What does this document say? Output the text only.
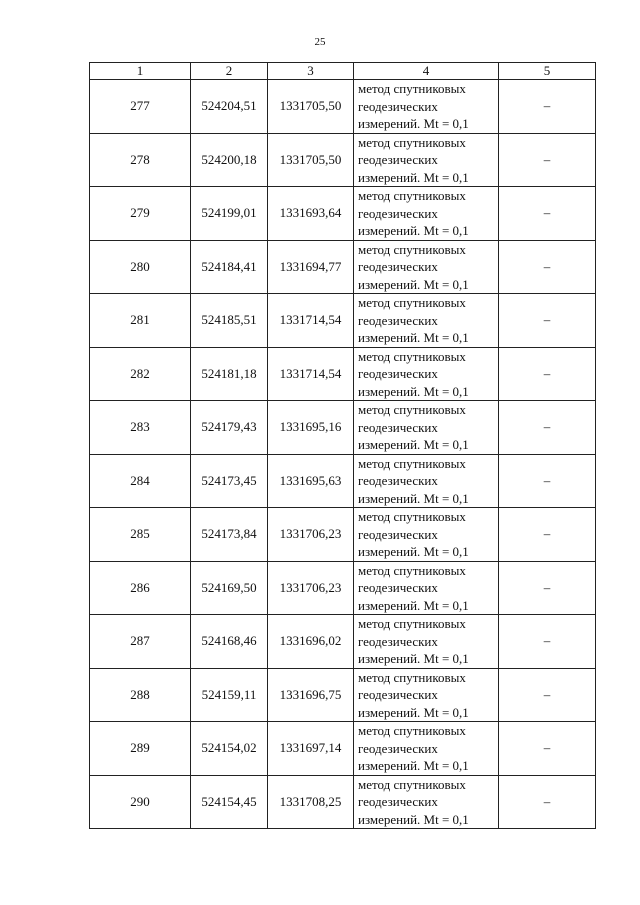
25
1	2	3	4	5
277	524204,51	1331705,50	метод спутниковых
геодезических
измерений. Mt = 0,1	–
278	524200,18	1331705,50	метод спутниковых
геодезических
измерений. Mt = 0,1	–
279	524199,01	1331693,64	метод спутниковых
геодезических
измерений. Mt = 0,1	–
280	524184,41	1331694,77	метод спутниковых
геодезических
измерений. Mt = 0,1	–
281	524185,51	1331714,54	метод спутниковых
геодезических
измерений. Mt = 0,1	–
282	524181,18	1331714,54	метод спутниковых
геодезических
измерений. Mt = 0,1	–
283	524179,43	1331695,16	метод спутниковых
геодезических
измерений. Mt = 0,1	–
284	524173,45	1331695,63	метод спутниковых
геодезических
измерений. Mt = 0,1	–
285	524173,84	1331706,23	метод спутниковых
геодезических
измерений. Mt = 0,1	–
286	524169,50	1331706,23	метод спутниковых
геодезических
измерений. Mt = 0,1	–
287	524168,46	1331696,02	метод спутниковых
геодезических
измерений. Mt = 0,1	–
288	524159,11	1331696,75	метод спутниковых
геодезических
измерений. Mt = 0,1	–
289	524154,02	1331697,14	метод спутниковых
геодезических
измерений. Mt = 0,1	–
290	524154,45	1331708,25	метод спутниковых
геодезических
измерений. Mt = 0,1	–
